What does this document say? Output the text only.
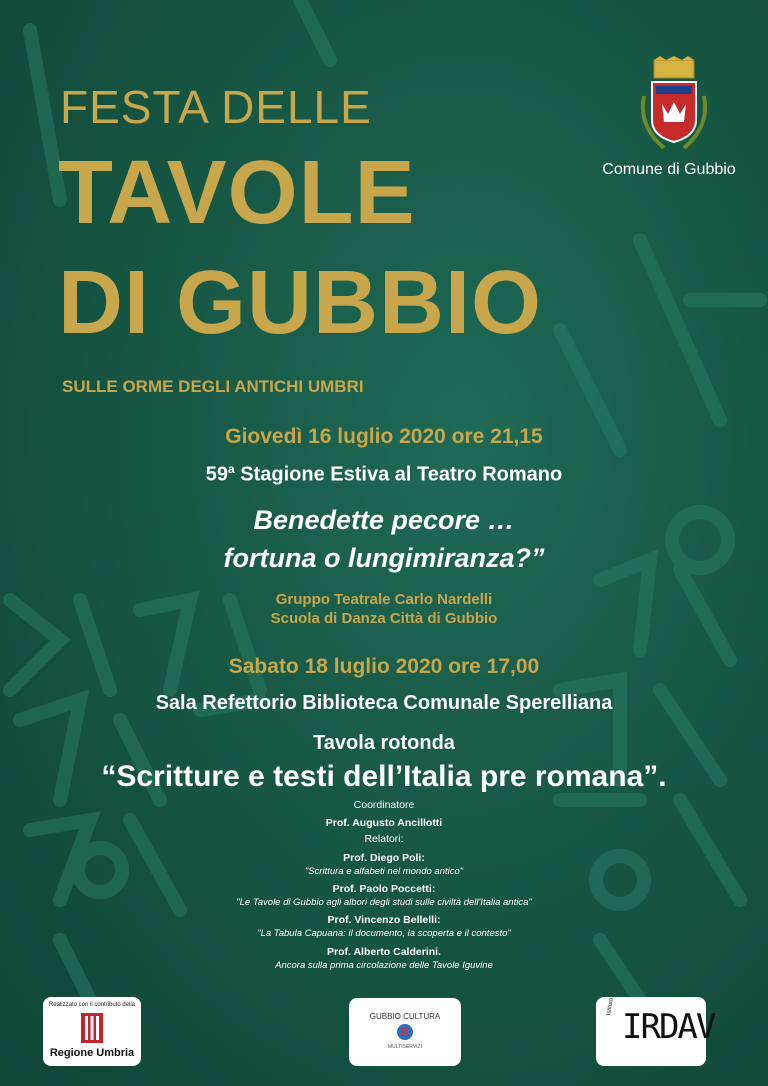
FESTA DELLE
TAVOLE
DI GUBBIO
SULLE ORME DEGLI ANTICHI UMBRI
Comune di Gubbio
Giovedì 16 luglio 2020 ore 21,15
59$^a$ Stagione Estiva al Teatro Romano
Benedette pecore …
fortuna o lungimiranza?”
Gruppo Teatrale Carlo Nardelli
Scuola di Danza Città di Gubbio
Sabato 18 luglio 2020 ore 17,00
Sala Refettorio Biblioteca Comunale Sperelliana
Tavola rotonda
“Scritture e testi dell’Italia pre romana”.
Coordinatore
Prof. Augusto Ancillotti
Relatori:
Prof. Diego Poli:
"Scrittura e alfabeti nel mondo antico"
Prof. Paolo Poccetti:
"Le Tavole di Gubbio agli albori degli studi sulle civiltà dell'Italia antica"
Prof. Vincenzo Bellelli:
"La Tabula Capuana: il documento, la scoperta e il contesto"
Prof. Alberto Calderini.
Ancora sulla prima circolazione delle Tavole Iguvine
Realizzato con il contributo della
Regione Umbria
GUBBIO CULTURA
MULTISERVIZI
Istituto
IRDAV
